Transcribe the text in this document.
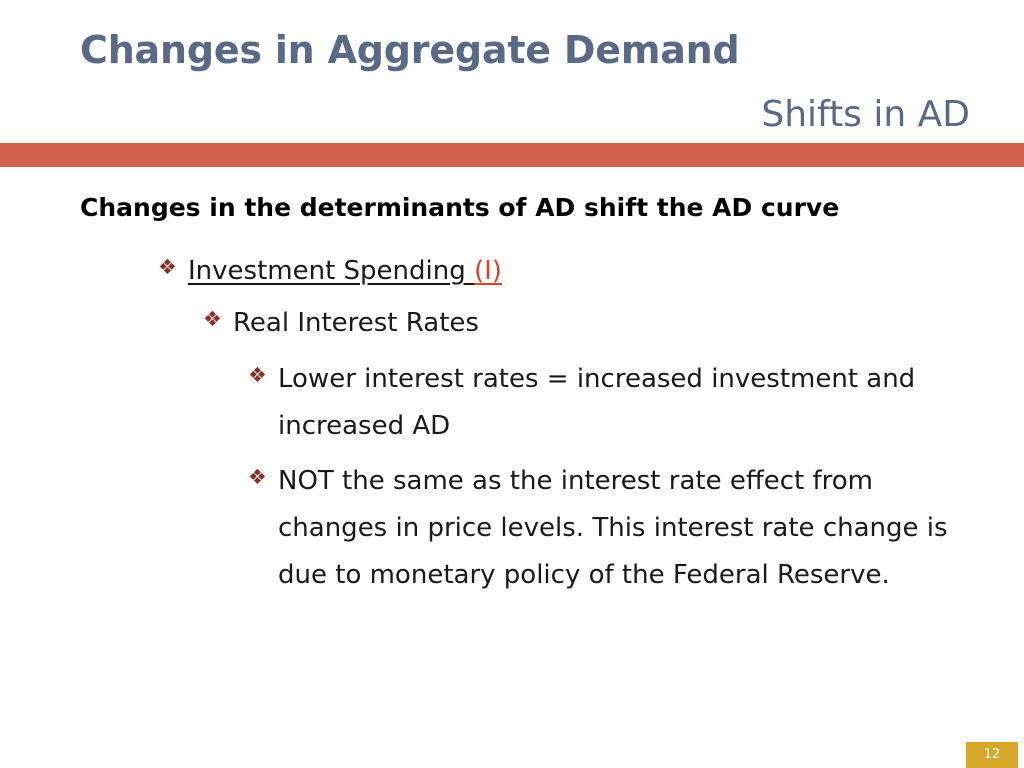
Changes in Aggregate Demand
Shifts in AD

Changes in the determinants of AD shift the AD curve

❖ Investment Spending (I)
❖ Real Interest Rates
❖ Lower interest rates = increased investment and increased AD
❖ NOT the same as the interest rate effect from changes in price levels. This interest rate change is due to monetary policy of the Federal Reserve.
12
